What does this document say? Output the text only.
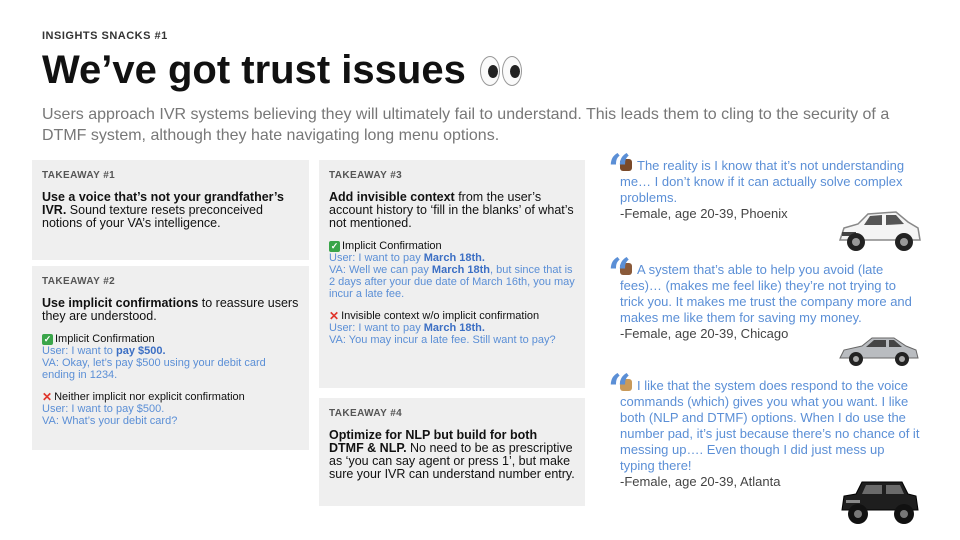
INSIGHTS SNACKS #1
We’ve got trust issues
Users approach IVR systems believing they will ultimately fail to understand. This leads them to cling to the security of a DTMF system, although they hate navigating long menu options.
TAKEAWAY #1
Use a voice that’s not your grandfather’s IVR. Sound texture resets preconceived notions of your VA’s intelligence.
TAKEAWAY #2
Use implicit confirmations to reassure users they are understood.
✓ Implicit Confirmation
User: I want to pay $500.
VA: Okay, let’s pay $500 using your debit card ending in 1234.
✕ Neither implicit nor explicit confirmation
User: I want to pay $500.
VA: What’s your debit card?
TAKEAWAY #3
Add invisible context from the user’s account history to ‘fill in the blanks’ of what’s not mentioned.
✓ Implicit Confirmation
User: I want to pay March 18th.
VA: Well we can pay March 18th, but since that is 2 days after your due date of March 16th, you may incur a late fee.
✕ Invisible context w/o implicit confirmation
User: I want to pay March 18th.
VA: You may incur a late fee. Still want to pay?
TAKEAWAY #4
Optimize for NLP but build for both DTMF & NLP. No need to be as prescriptive as ‘you can say agent or press 1’, but make sure your IVR can understand number entry.
“ The reality is I know that it’s not understanding me… I don’t know if it can actually solve complex problems.
-Female, age 20-39, Phoenix
“ A system that’s able to help you avoid (late fees)… (makes me feel like) they’re not trying to trick you. It makes me trust the company more and makes me like them for saving my money.
-Female, age 20-39, Chicago
“ I like that the system does respond to the voice commands (which) gives you what you want. I like both (NLP and DTMF) options. When I do use the number pad, it’s just because there’s no chance of it messing up…. Even though I did just mess up typing there!
-Female, age 20-39, Atlanta
